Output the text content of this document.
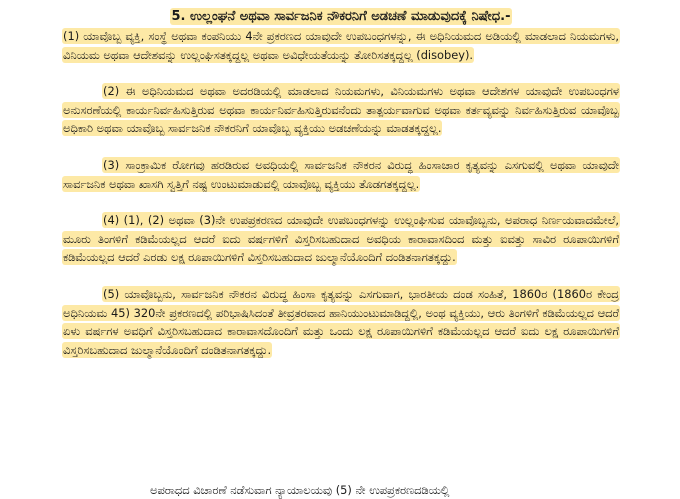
5. ಉಲ್ಲಂಘನೆ ಅಥವಾ ಸಾರ್ವಜನಿಕ ನೌಕರನಿಗೆ ಅಡಚಣೆ ಮಾಡುವುದಕ್ಕೆ ನಿಷೇಧ.-

(1) ಯಾವೊಬ್ಬ ವ್ಯಕ್ತಿ, ಸಂಸ್ಥೆ ಅಥವಾ ಕಂಪನಿಯು 4ನೇ ಪ್ರಕರಣದ ಯಾವುದೇ ಉಪಬಂಧಗಳನ್ನು, ಈ ಅಧಿನಿಯಮದ ಅಡಿಯಲ್ಲಿ ಮಾಡಲಾದ ನಿಯಮಗಳು, ವಿನಿಯಮ ಅಥವಾ ಆದೇಶವನ್ನು ಉಲ್ಲಂಘಿಸತಕ್ಕದ್ದಲ್ಲ ಅಥವಾ ಅವಿಧೇಯತೆಯನ್ನು ತೋರಿಸತಕ್ಕದ್ದಲ್ಲ (disobey).

(2) ಈ ಅಧಿನಿಯಮದ ಅಥವಾ ಅದರಡಿಯಲ್ಲಿ ಮಾಡಲಾದ ನಿಯಮಗಳು, ವಿನಿಯಮಗಳು ಅಥವಾ ಆದೇಶಗಳ ಯಾವುದೇ ಉಪಬಂಧಗಳ ಅನುಸರಣೆಯಲ್ಲಿ ಕಾರ್ಯನಿರ್ವಹಿಸುತ್ತಿರುವ ಅಥವಾ ಕಾರ್ಯನಿರ್ವಹಿಸುತ್ತಿರುವನೆಂದು ತಾತ್ಪರ್ಯವಾಗುವ ಅಥವಾ ಕರ್ತವ್ಯವನ್ನು ನಿರ್ವಹಿಸುತ್ತಿರುವ ಯಾವೊಬ್ಬ ಅಧಿಕಾರಿ ಅಥವಾ ಯಾವೊಬ್ಬ ಸಾರ್ವಜನಿಕ ನೌಕರನಿಗೆ ಯಾವೊಬ್ಬ ವ್ಯಕ್ತಿಯು ಅಡಚಣೆಯನ್ನು ಮಾಡತಕ್ಕದ್ದಲ್ಲ.

(3) ಸಾಂಕ್ರಾಮಿಕ ರೋಗವು ಹರಡಿರುವ ಅವಧಿಯಲ್ಲಿ ಸಾರ್ವಜನಿಕ ನೌಕರನ ವಿರುದ್ಧ ಹಿಂಸಾಚಾರ ಕೃತ್ಯವನ್ನು ಎಸಗುವಲ್ಲಿ ಅಥವಾ ಯಾವುದೇ ಸಾರ್ವಜನಿಕ ಅಥವಾ ಖಾಸಗಿ ಸ್ವತ್ತಿಗೆ ನಷ್ಟ ಉಂಟುಮಾಡುವಲ್ಲಿ ಯಾವೊಬ್ಬ ವ್ಯಕ್ತಿಯು ತೊಡಗತಕ್ಕದ್ದಲ್ಲ.

(4) (1), (2) ಅಥವಾ (3)ನೇ ಉಪಪ್ರಕರಣದ ಯಾವುದೇ ಉಪಬಂಧಗಳನ್ನು ಉಲ್ಲಂಘಿಸುವ ಯಾವೊಬ್ಬನು, ಅಪರಾಧ ನಿರ್ಣಯವಾದಮೇಲೆ, ಮೂರು ತಿಂಗಳಿಗೆ ಕಡಿಮೆಯಲ್ಲದ ಆದರೆ ಐದು ವರ್ಷಗಳಿಗೆ ವಿಸ್ತರಿಸಬಹುದಾದ ಅವಧಿಯ ಕಾರಾವಾಸದಿಂದ ಮತ್ತು ಐವತ್ತು ಸಾವಿರ ರೂಪಾಯಿಗಳಿಗೆ ಕಡಿಮೆಯಲ್ಲದ ಆದರೆ ಎರಡು ಲಕ್ಷ ರೂಪಾಯಿಗಳಿಗೆ ವಿಸ್ತರಿಸಬಹುದಾದ ಜುಲ್ಮಾನೆಯೊಂದಿಗೆ ದಂಡಿತನಾಗತಕ್ಕದ್ದು.

(5) ಯಾವೊಬ್ಬನು, ಸಾರ್ವಜನಿಕ ನೌಕರನ ವಿರುದ್ಧ ಹಿಂಸಾ ಕೃತ್ಯವನ್ನು ಎಸಗುವಾಗ, ಭಾರತೀಯ ದಂಡ ಸಂಹಿತೆ, 1860ರ (1860ರ ಕೇಂದ್ರ ಅಧಿನಿಯಮ 45) 320ನೇ ಪ್ರಕರಣದಲ್ಲಿ ಪರಿಭಾಷಿಸಿದಂತೆ ತೀವ್ರತರವಾದ ಹಾನಿಯುಂಟುಮಾಡಿದ್ದಲ್ಲಿ, ಅಂಥ ವ್ಯಕ್ತಿಯು, ಆರು ತಿಂಗಳಿಗೆ ಕಡಿಮೆಯಲ್ಲದ ಆದರೆ ಏಳು ವರ್ಷಗಳ ಅವಧಿಗೆ ವಿಸ್ತರಿಸಬಹುದಾದ ಕಾರಾವಾಸದೊಂದಿಗೆ ಮತ್ತು ಒಂದು ಲಕ್ಷ ರೂಪಾಯಿಗಳಿಗೆ ಕಡಿಮೆಯಲ್ಲದ ಆದರೆ ಐದು ಲಕ್ಷ ರೂಪಾಯಿಗಳಿಗೆ ವಿಸ್ತರಿಸಬಹುದಾದ ಜುಲ್ಮಾನೆಯೊಂದಿಗೆ ದಂಡಿತನಾಗತಕ್ಕದ್ದು.

ಅಪರಾಧದ ವಿಚಾರಣೆ ನಡೆಸುವಾಗ ನ್ಯಾಯಾಲಯವು (5) ನೇ ಉಪಪ್ರಕರಣದಡಿಯಲ್ಲಿ
